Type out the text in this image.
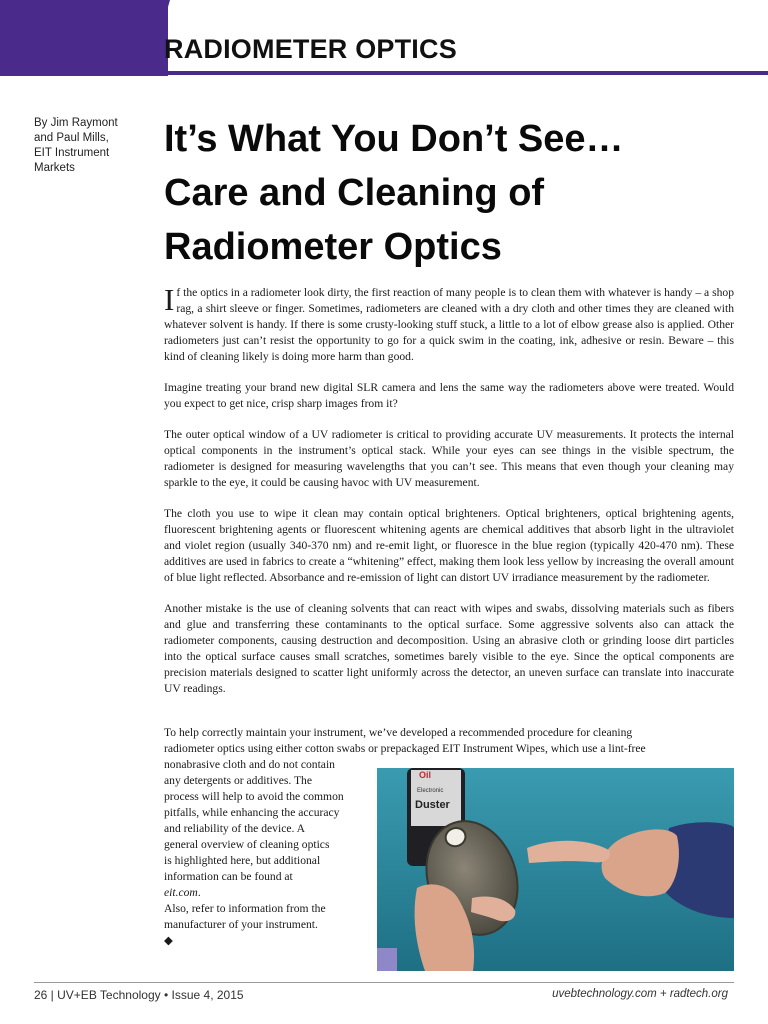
RADIOMETER OPTICS
By Jim Raymont
and Paul Mills,
EIT Instrument
Markets
It’s What You Don’t See…
Care and Cleaning of
Radiometer Optics

If the optics in a radiometer look dirty, the first reaction of many people is to clean them with whatever is handy – a shop rag, a shirt sleeve or finger. Sometimes, radiometers are cleaned with a dry cloth and other times they are cleaned with whatever solvent is handy. If there is some crusty-looking stuff stuck, a little to a lot of elbow grease also is applied. Other radiometers just can’t resist the opportunity to go for a quick swim in the coating, ink, adhesive or resin. Beware – this kind of cleaning likely is doing more harm than good.

Imagine treating your brand new digital SLR camera and lens the same way the radiometers above were treated. Would you expect to get nice, crisp sharp images from it?

The outer optical window of a UV radiometer is critical to providing accurate UV measurements. It protects the internal optical components in the instrument’s optical stack. While your eyes can see things in the visible spectrum, the radiometer is designed for measuring wavelengths that you can’t see. This means that even though your cleaning may sparkle to the eye, it could be causing havoc with UV measurement.

The cloth you use to wipe it clean may contain optical brighteners. Optical brighteners, optical brightening agents, fluorescent brightening agents or fluorescent whitening agents are chemical additives that absorb light in the ultraviolet and violet region (usually 340-370 nm) and re-emit light, or fluoresce in the blue region (typically 420-470 nm). These additives are used in fabrics to create a “whitening” effect, making them look less yellow by increasing the overall amount of blue light reflected. Absorbance and re-emission of light can distort UV irradiance measurement by the radiometer.

Another mistake is the use of cleaning solvents that can react with wipes and swabs, dissolving materials such as fibers and glue and transferring these contaminants to the optical surface. Some aggressive solvents also can attack the radiometer components, causing destruction and decomposition. Using an abrasive cloth or grinding loose dirt particles into the optical surface causes small scratches, sometimes barely visible to the eye. Since the optical components are precision materials designed to scatter light uniformly across the detector, an uneven surface can translate into inaccurate UV readings.

To help correctly maintain your instrument, we’ve developed a recommended procedure for cleaning
radiometer optics using either cotton swabs or prepackaged EIT Instrument Wipes, which use a lint-free
nonabrasive cloth and do not contain
any detergents or additives. The
process will help to avoid the common
pitfalls, while enhancing the accuracy
and reliability of the device. A
general overview of cleaning optics
is highlighted here, but additional
information can be found at
eit.com.
Also, refer to information from the
manufacturer of your instrument.
◆
Oil
Electronic
Duster
26 | UV+EB Technology • Issue 4, 2015	uvebtechnology.com + radtech.org
